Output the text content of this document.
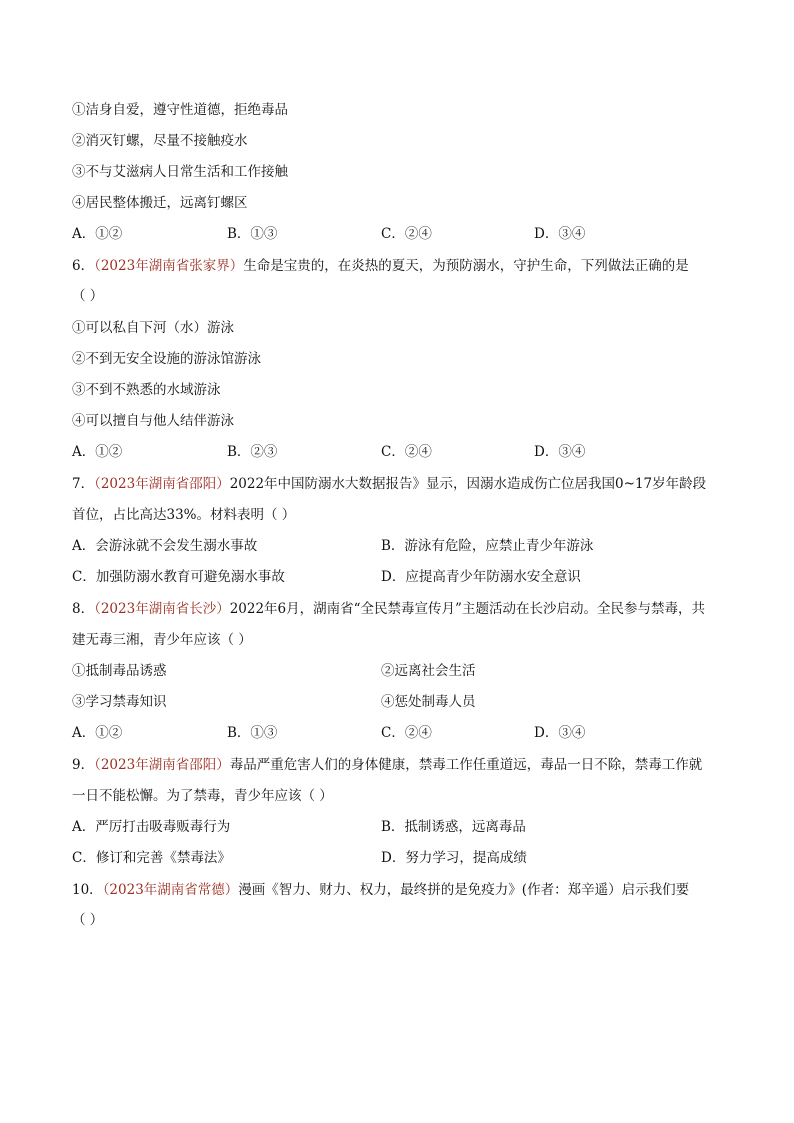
①洁身自爱，遵守性道德，拒绝毒品
②消灭钉螺，尽量不接触疫水
③不与艾滋病人日常生活和工作接触
④居民整体搬迁，远离钉螺区
A．①②	B．①③	C．②④	D．③④
6．（2023年湖南省张家界）生命是宝贵的，在炎热的夏天，为预防溺水，守护生命，下列做法正确的是
（ ）
①可以私自下河（水）游泳
②不到无安全设施的游泳馆游泳
③不到不熟悉的水域游泳
④可以擅自与他人结伴游泳
A．①②	B．②③	C．②④	D．③④
7．（2023年湖南省邵阳）2022年中国防溺水大数据报告》显示，因溺水造成伤亡位居我国0~17岁年龄段
首位，占比高达33%。材料表明（ ）
A．会游泳就不会发生溺水事故	B．游泳有危险，应禁止青少年游泳
C．加强防溺水教育可避免溺水事故	D．应提高青少年防溺水安全意识
8．（2023年湖南省长沙）2022年6月，湖南省“全民禁毒宣传月”主题活动在长沙启动。全民参与禁毒，共
建无毒三湘，青少年应该（ ）
①抵制毒品诱惑	②远离社会生活
③学习禁毒知识	④惩处制毒人员
A．①②	B．①③	C．②④	D．③④
9．（2023年湖南省邵阳）毒品严重危害人们的身体健康，禁毒工作任重道远，毒品一日不除，禁毒工作就
一日不能松懈。为了禁毒，青少年应该（ ）
A．严厉打击吸毒贩毒行为	B．抵制诱惑，远离毒品
C．修订和完善《禁毒法》	D．努力学习，提高成绩
10．（2023年湖南省常德）漫画《智力、财力、权力，最终拼的是免疫力》(作者：郑辛遥）启示我们要
（ ）
